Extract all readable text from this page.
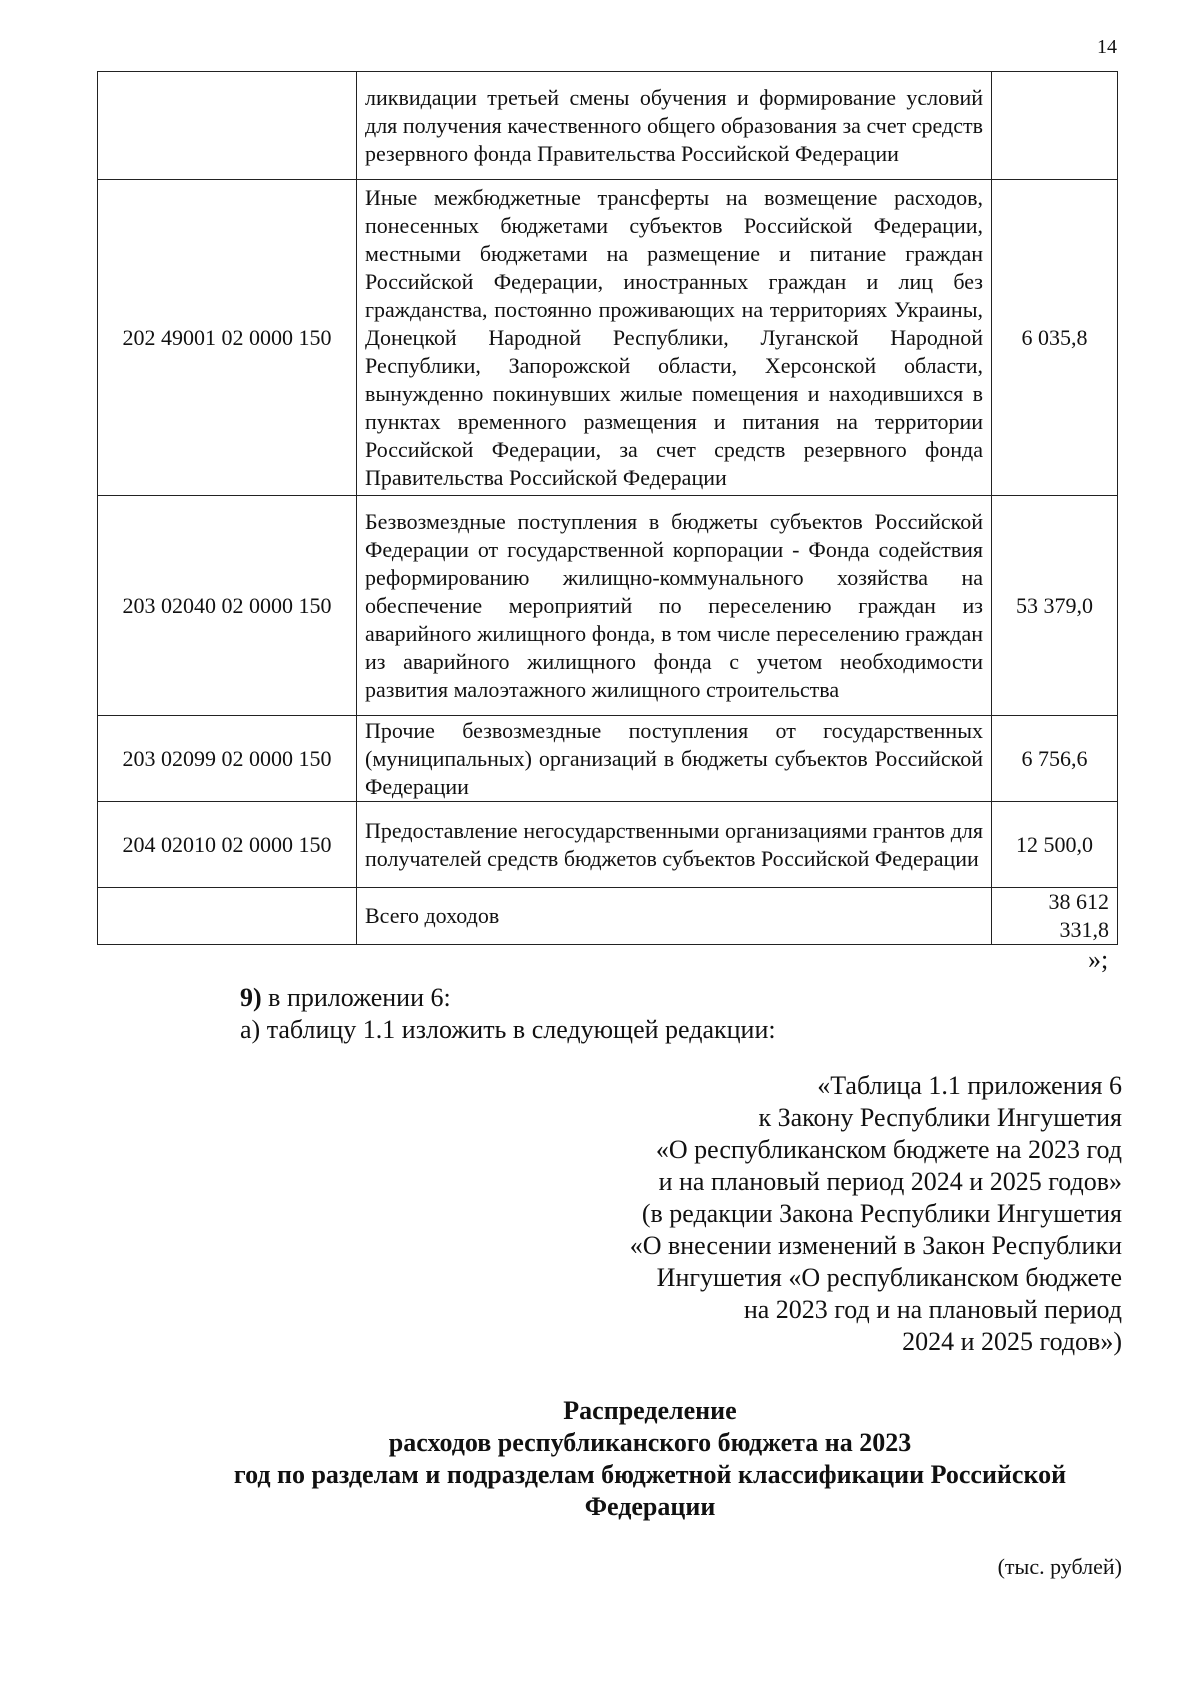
14
	ликвидации третьей смены обучения и формирование условий для получения качественного общего образования за счет средств резервного фонда Правительства Российской Федерации	
202 49001 02 0000 150	Иные межбюджетные трансферты на возмещение расходов, понесенных бюджетами субъектов Российской Федерации, местными бюджетами на размещение и питание граждан Российской Федерации, иностранных граждан и лиц без гражданства, постоянно проживающих на территориях Украины, Донецкой Народной Республики, Луганской Народной Республики, Запорожской области, Херсонской области, вынужденно покинувших жилые помещения и находившихся в пунктах временного размещения и питания на территории Российской Федерации, за счет средств резервного фонда Правительства Российской Федерации	6 035,8
203 02040 02 0000 150	Безвозмездные поступления в бюджеты субъектов Российской Федерации от государственной корпорации - Фонда содействия реформированию жилищно-коммунального хозяйства на обеспечение мероприятий по переселению граждан из аварийного жилищного фонда, в том числе переселению граждан из аварийного жилищного фонда с учетом необходимости развития малоэтажного жилищного строительства	53 379,0
203 02099 02 0000 150	Прочие безвозмездные поступления от государственных (муниципальных) организаций в бюджеты субъектов Российской Федерации	6 756,6
204 02010 02 0000 150	Предоставление негосударственными организациями грантов для получателей средств бюджетов субъектов Российской Федерации	12 500,0
	Всего доходов	38 612 331,8
»;
9) в приложении 6:
а) таблицу 1.1 изложить в следующей редакции:
«Таблица 1.1 приложения 6
к Закону Республики Ингушетия
«О республиканском бюджете на 2023 год
и на плановый период 2024 и 2025 годов»
(в редакции Закона Республики Ингушетия
«О внесении изменений в Закон Республики
Ингушетия «О республиканском бюджете
на 2023 год и на плановый период
2024 и 2025 годов»)
Распределение
расходов республиканского бюджета на 2023
год по разделам и подразделам бюджетной классификации Российской
Федерации
(тыс. рублей)
